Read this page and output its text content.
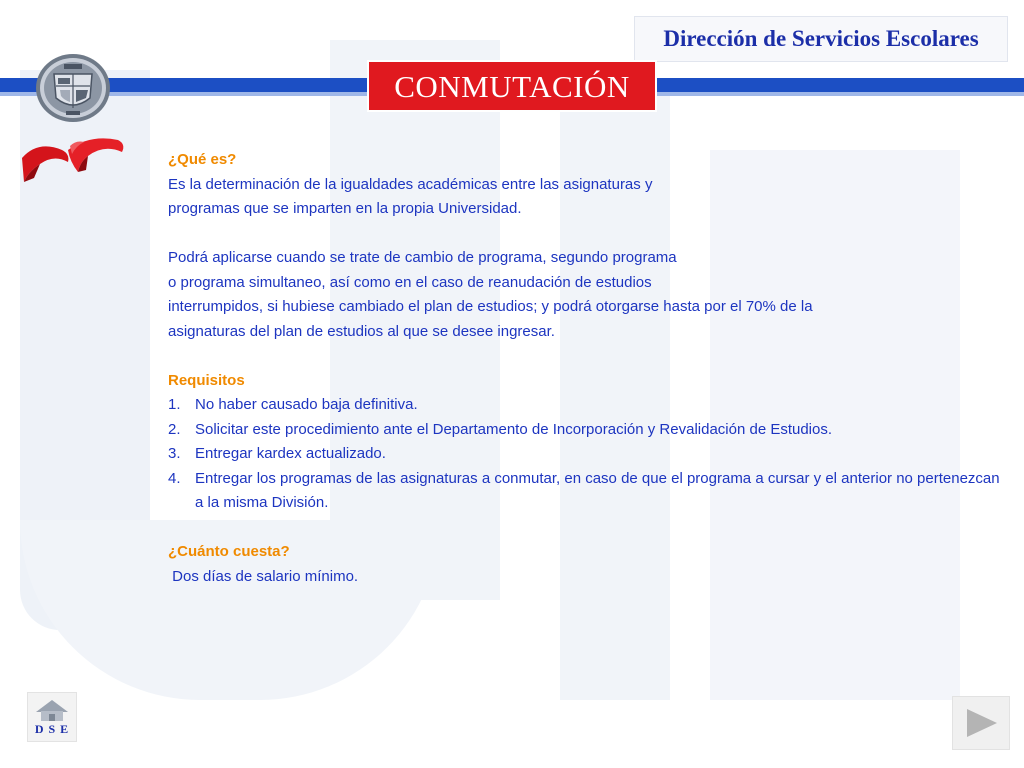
Dirección de Servicios Escolares
CONMUTACIÓN

¿Qué es?

Es la determinación de la igualdades académicas entre las asignaturas y

programas que se imparten en la propia Universidad.

Podrá aplicarse cuando se trate de cambio de programa, segundo programa

o programa simultaneo, así como en el caso de reanudación de estudios

interrumpidos, si hubiese cambiado el plan de estudios; y podrá otorgarse hasta por el 70% de la

asignaturas del plan de estudios al que se desee ingresar.

Requisitos

1. No haber causado baja definitiva.
2. Solicitar este procedimiento ante el Departamento de Incorporación y Revalidación de Estudios.
3. Entregar kardex actualizado.
4. Entregar los programas de las asignaturas a conmutar, en caso de que el programa a cursar y el anterior no pertenezcan a la misma División.

¿Cuánto cuesta?

Dos días de salario mínimo.

D S E
